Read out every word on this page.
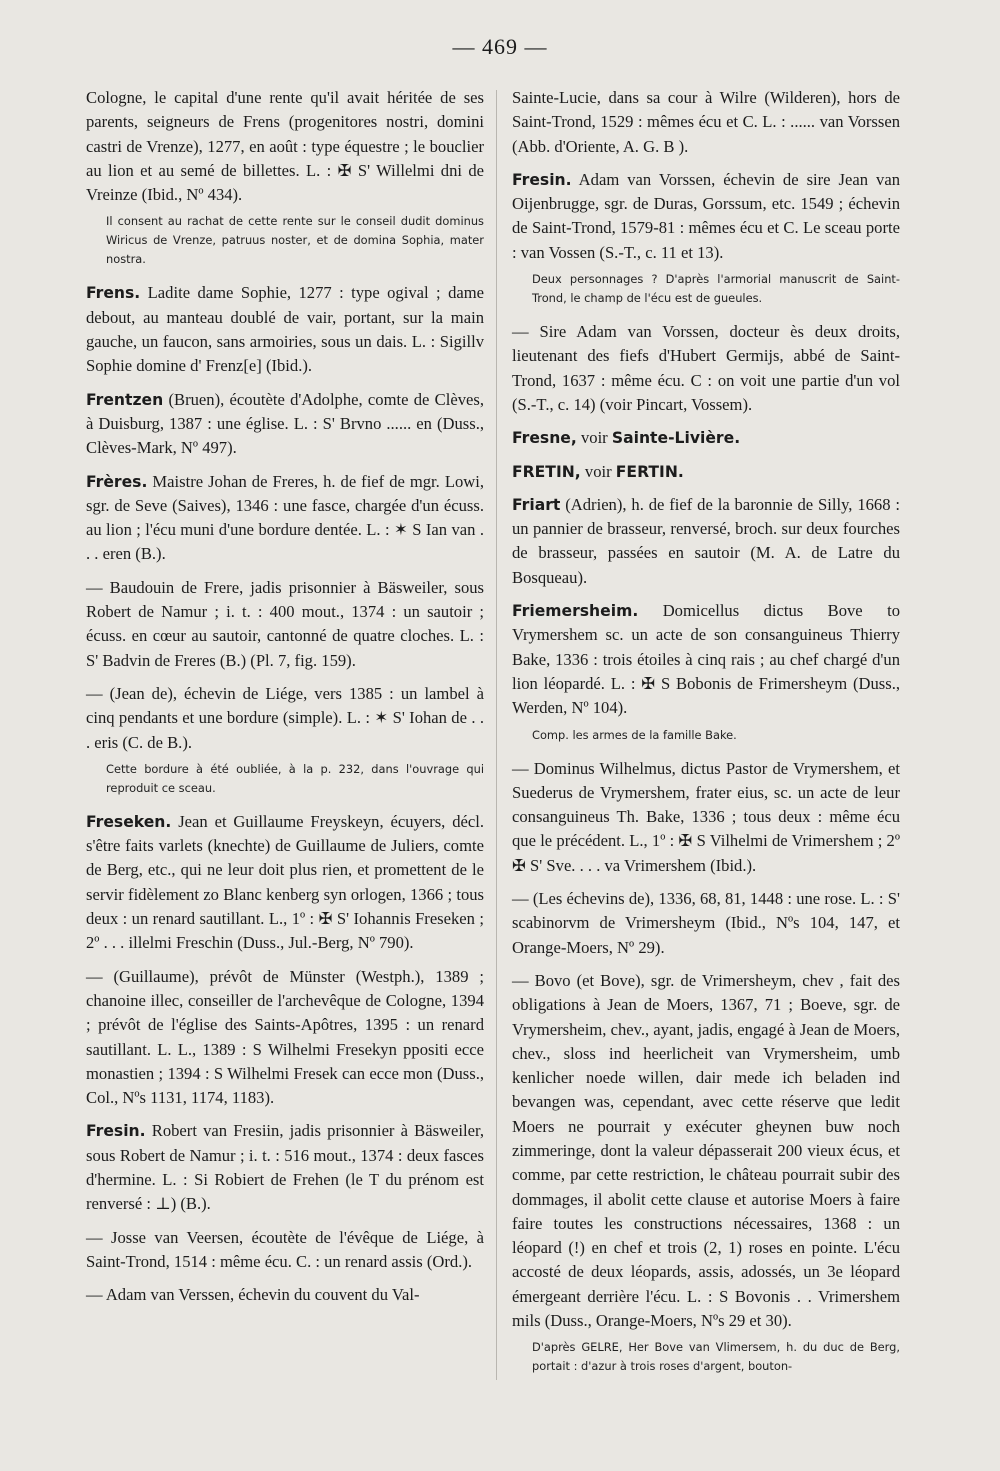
— 469 —

Cologne, le capital d'une rente qu'il avait héritée de ses parents, seigneurs de Frens (progenitores nostri, domini castri de Vrenze), 1277, en août : type équestre ; le bouclier au lion et au semé de billettes. L. : ✠ S' Willelmi dni de Vreinze (Ibid., Nº 434).

Il consent au rachat de cette rente sur le conseil dudit dominus Wiricus de Vrenze, patruus noster, et de domina Sophia, mater nostra.

Frens. Ladite dame Sophie, 1277 : type ogival ; dame debout, au manteau doublé de vair, portant, sur la main gauche, un faucon, sans armoiries, sous un dais. L. : Sigillv Sophie domine d' Frenz[e] (Ibid.).

Frentzen (Bruen), écoutète d'Adolphe, comte de Clèves, à Duisburg, 1387 : une église. L. : S' Brvno ...... en (Duss., Clèves-Mark, Nº 497).

Frères. Maistre Johan de Freres, h. de fief de mgr. Lowi, sgr. de Seve (Saives), 1346 : une fasce, chargée d'un écuss. au lion ; l'écu muni d'une bordure dentée. L. : ✶ S Ian van . . . eren (B.).

— Baudouin de Frere, jadis prisonnier à Bäsweiler, sous Robert de Namur ; i. t. : 400 mout., 1374 : un sautoir ; écuss. en cœur au sautoir, cantonné de quatre cloches. L. : S' Badvin de Freres (B.) (Pl. 7, fig. 159).

— (Jean de), échevin de Liége, vers 1385 : un lambel à cinq pendants et une bordure (simple). L. : ✶ S' Iohan de . . . eris (C. de B.).

Cette bordure à été oubliée, à la p. 232, dans l'ouvrage qui reproduit ce sceau.

Freseken. Jean et Guillaume Freyskeyn, écuyers, décl. s'être faits varlets (knechte) de Guillaume de Juliers, comte de Berg, etc., qui ne leur doit plus rien, et promettent de le servir fidèlement zo Blanc kenberg syn orlogen, 1366 ; tous deux : un renard sautillant. L., 1º : ✠ S' Iohannis Freseken ; 2º . . . illelmi Freschin (Duss., Jul.-Berg, Nº 790).

— (Guillaume), prévôt de Münster (Westph.), 1389 ; chanoine illec, conseiller de l'archevêque de Cologne, 1394 ; prévôt de l'église des Saints-Apôtres, 1395 : un renard sautillant. L. L., 1389 : S Wilhelmi Fresekyn ppositi ecce monastien ; 1394 : S Wilhelmi Fresek can ecce mon (Duss., Col., Nºs 1131, 1174, 1183).

Fresin. Robert van Fresiin, jadis prisonnier à Bäsweiler, sous Robert de Namur ; i. t. : 516 mout., 1374 : deux fasces d'hermine. L. : Si Robiert de Frehen (le T du prénom est renversé : ⊥) (B.).

— Josse van Veersen, écoutète de l'évêque de Liége, à Saint-Trond, 1514 : même écu. C. : un renard assis (Ord.).

— Adam van Verssen, échevin du couvent du Val-

Sainte-Lucie, dans sa cour à Wilre (Wilderen), hors de Saint-Trond, 1529 : mêmes écu et C. L. : ...... van Vorssen (Abb. d'Oriente, A. G. B ).

Fresin. Adam van Vorssen, échevin de sire Jean van Oijenbrugge, sgr. de Duras, Gorssum, etc. 1549 ; échevin de Saint-Trond, 1579-81 : mêmes écu et C. Le sceau porte : van Vossen (S.-T., c. 11 et 13).

Deux personnages ? D'après l'armorial manuscrit de Saint-Trond, le champ de l'écu est de gueules.

— Sire Adam van Vorssen, docteur ès deux droits, lieutenant des fiefs d'Hubert Germijs, abbé de Saint-Trond, 1637 : même écu. C : on voit une partie d'un vol (S.-T., c. 14) (voir Pincart, Vossem).

Fresne, voir Sainte-Livière.

FRETIN, voir FERTIN.

Friart (Adrien), h. de fief de la baronnie de Silly, 1668 : un pannier de brasseur, renversé, broch. sur deux fourches de brasseur, passées en sautoir (M. A. de Latre du Bosqueau).

Friemersheim. Domicellus dictus Bove to Vrymershem sc. un acte de son consanguineus Thierry Bake, 1336 : trois étoiles à cinq rais ; au chef chargé d'un lion léopardé. L. : ✠ S Bobonis de Frimersheym (Duss., Werden, Nº 104).

Comp. les armes de la famille Bake.

— Dominus Wilhelmus, dictus Pastor de Vrymershem, et Suederus de Vrymershem, frater eius, sc. un acte de leur consanguineus Th. Bake, 1336 ; tous deux : même écu que le précédent. L., 1º : ✠ S Vilhelmi de Vrimershem ; 2º ✠ S' Sve. . . . va Vrimershem (Ibid.).

— (Les échevins de), 1336, 68, 81, 1448 : une rose. L. : S' scabinorvm de Vrimersheym (Ibid., Nºs 104, 147, et Orange-Moers, Nº 29).

— Bovo (et Bove), sgr. de Vrimersheym, chev , fait des obligations à Jean de Moers, 1367, 71 ; Boeve, sgr. de Vrymersheim, chev., ayant, jadis, engagé à Jean de Moers, chev., sloss ind heerlicheit van Vrymersheim, umb kenlicher noede willen, dair mede ich beladen ind bevangen was, cependant, avec cette réserve que ledit Moers ne pourrait y exécuter gheynen buw noch zimmeringe, dont la valeur dépasserait 200 vieux écus, et comme, par cette restriction, le château pourrait subir des dommages, il abolit cette clause et autorise Moers à faire faire toutes les constructions nécessaires, 1368 : un léopard (!) en chef et trois (2, 1) roses en pointe. L'écu accosté de deux léopards, assis, adossés, un 3e léopard émergeant derrière l'écu. L. : S Bovonis . . Vrimershem mils (Duss., Orange-Moers, Nºs 29 et 30).

D'après GELRE, Her Bove van Vlimersem, h. du duc de Berg, portait : d'azur à trois roses d'argent, bouton-
